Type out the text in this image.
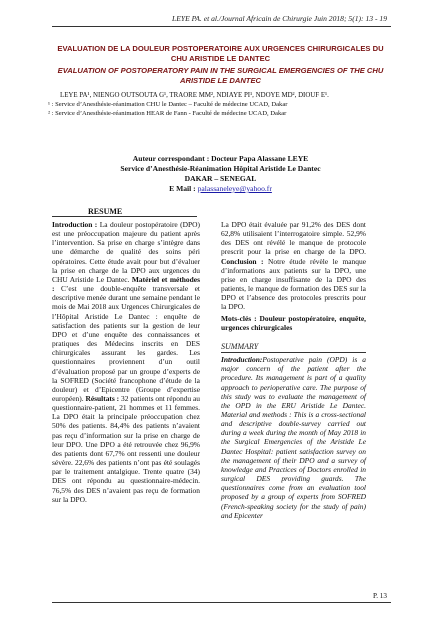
LEYE PA. et al./Journal Africain de Chirurgie Juin 2018; 5(1): 13 - 19
EVALUATION DE LA DOULEUR POSTOPERATOIRE AUX URGENCES CHIRURGICALES DU CHU ARISTIDE LE DANTEC
EVALUATION OF POSTOPERATORY PAIN IN THE SURGICAL EMERGENCIES OF THE CHU ARISTIDE LE DANTEC
LEYE PA¹, NIENGO OUTSOUTA G¹, TRAORE MM², NDIAYE PI¹, NDOYE MD², DIOUF E¹.
¹ : Service d’Anesthésie-réanimation CHU le Dantec – Faculté de médecine UCAD, Dakar
² : Service d’Anesthésie-réanimation HEAR de Fann - Faculté de médecine UCAD, Dakar
Auteur correspondant : Docteur Papa Alassane LEYE
Service d’Anesthésie-Réanimation Hôpital Aristide Le Dantec
DAKAR – SENEGAL
E Mail : palassaneleye@yahoo.fr
RESUME

Introduction : La douleur postopératoire (DPO) est une préoccupation majeure du patient après l’intervention. Sa prise en charge s’intègre dans une démarche de qualité des soins péri opératoires. Cette étude avait pour but d’évaluer la prise en charge de la DPO aux urgences du CHU Aristide Le Dantec. Matériel et méthodes : C’est une double-enquête transversale et descriptive menée durant une semaine pendant le mois de Mai 2018 aux Urgences Chirurgicales de l’Hôpital Aristide Le Dantec : enquête de satisfaction des patients sur la gestion de leur DPO et d’une enquête des connaissances et pratiques des Médecins inscrits en DES chirurgicales assurant les gardes. Les questionnaires proviennent d’un outil d’évaluation proposé par un groupe d’experts de la SOFRED (Société francophone d’étude de la douleur) et d’Epicentre (Groupe d’expertise européen). Résultats : 32 patients ont répondu au questionnaire-patient, 21 hommes et 11 femmes. La DPO était la principale préoccupation chez 50% des patients. 84,4% des patients n’avaient pas reçu d’information sur la prise en charge de leur DPO. Une DPO a été retrouvée chez 96,9% des patients dont 67,7% ont ressenti une douleur sévère. 22,6% des patients n’ont pas été soulagés par le traitement antalgique. Trente quatre (34) DES ont répondu au questionnaire-médecin. 76,5% des DES n’avaient pas reçu de formation sur la DPO.

La DPO était évaluée par 91,2% des DES dont 62,8% utilisaient l’interrogatoire simple. 52,9% des DES ont révélé le manque de protocole prescrit pour la prise en charge de la DPO. Conclusion : Notre étude révèle le manque d’informations aux patients sur la DPO, une prise en charge insuffisante de la DPO des patients, le manque de formation des DES sur la DPO et l’absence des protocoles prescrits pour la DPO.

Mots-clés : Douleur postopératoire, enquête, urgences chirurgicales

SUMMARY

Introduction:Postoperative pain (OPD) is a major concern of the patient after the procedure. Its management is part of a quality approach to perioperative care. The purpose of this study was to evaluate the management of the OPD in the ERU Aristide Le Dantec. Material and methods : This is a cross-sectional and descriptive double-survey carried out during a week during the month of May 2018 in the Surgical Emergencies of the Aristide Le Dantec Hospital: patient satisfaction survey on the management of their DPO and a survey of knowledge and Practices of Doctors enrolled in surgical DES providing guards. The questionnaires come from an evaluation tool proposed by a group of experts from SOFRED (French-speaking society for the study of pain) and Epicenter

P. 13
